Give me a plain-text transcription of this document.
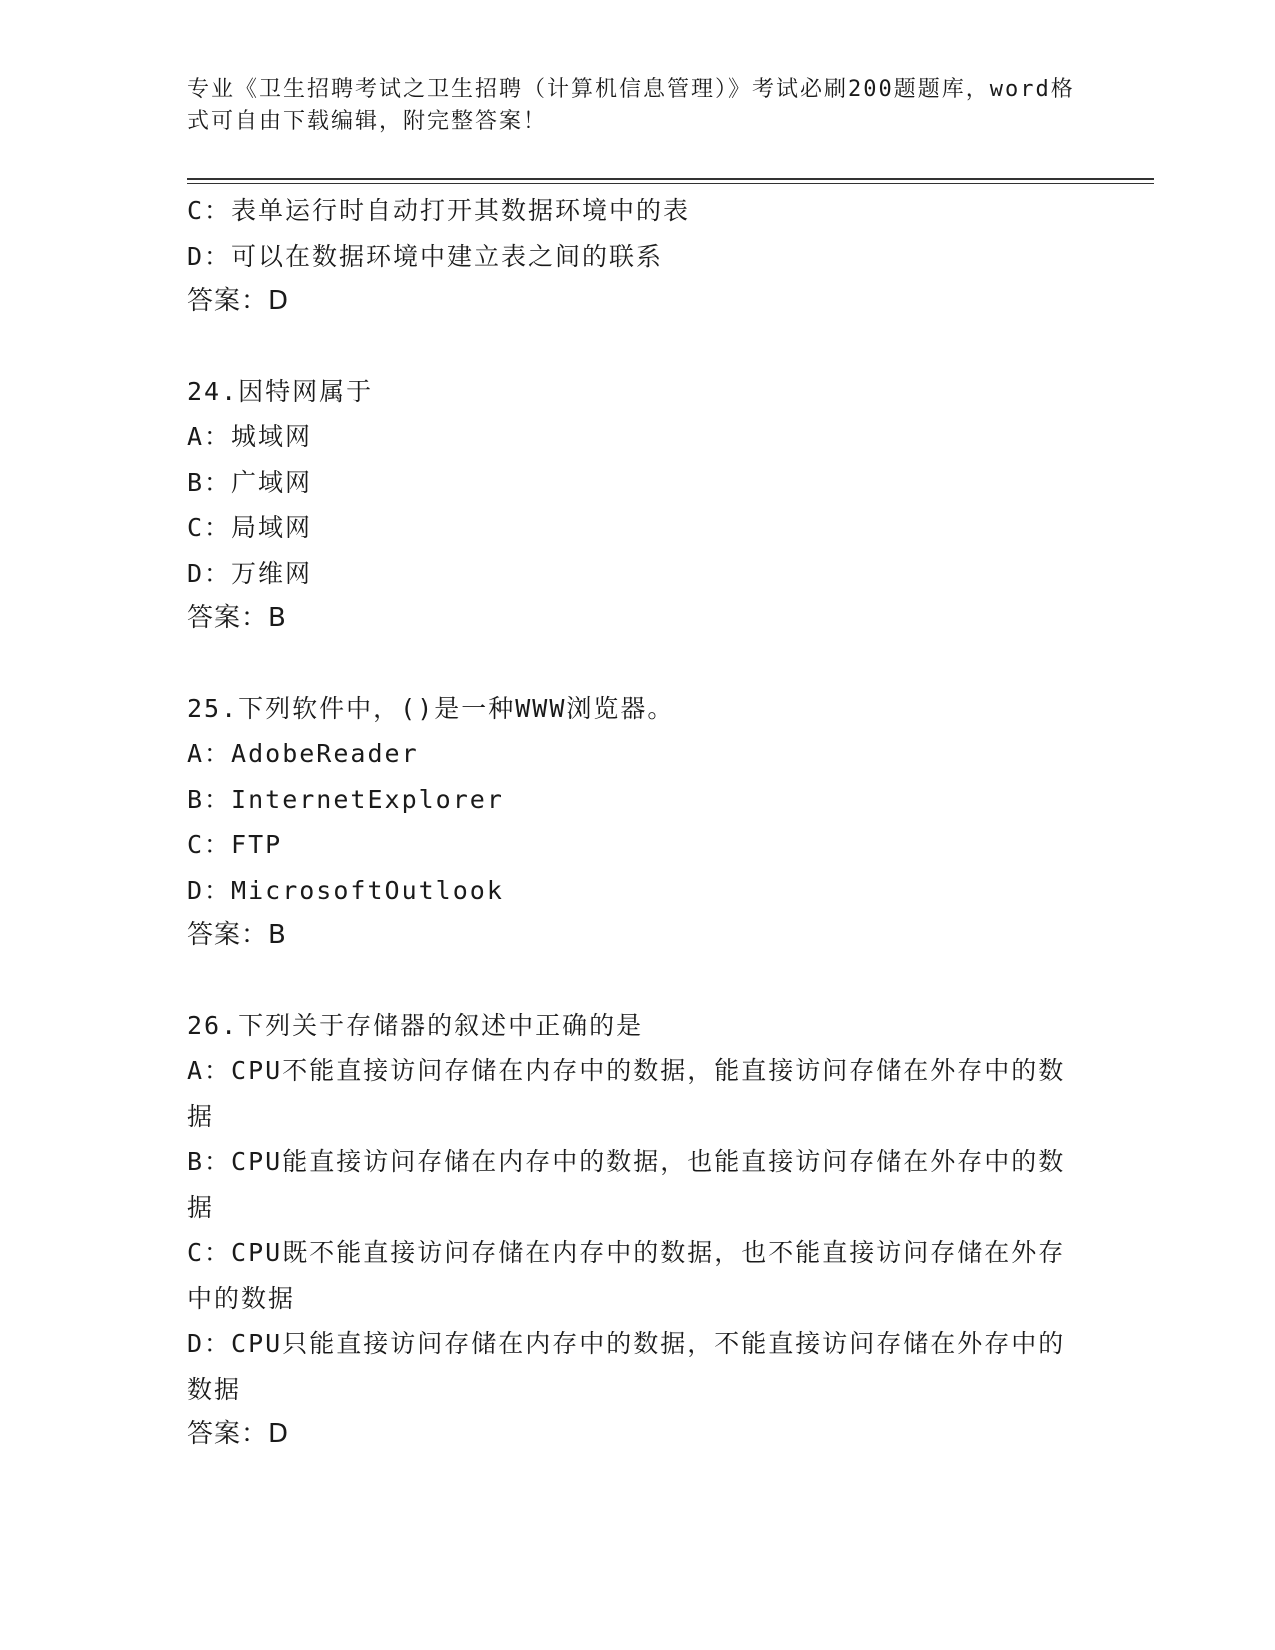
专业《卫生招聘考试之卫生招聘（计算机信息管理）》考试必刷200题题库，word格式可自由下载编辑，附完整答案！
C：表单运行时自动打开其数据环境中的表
D：可以在数据环境中建立表之间的联系
答案：D
24.因特网属于
A：城域网
B：广域网
C：局域网
D：万维网
答案：B
25.下列软件中，()是一种WWW浏览器。
A：AdobeReader
B：InternetExplorer
C：FTP
D：MicrosoftOutlook
答案：B
26.下列关于存储器的叙述中正确的是
A：CPU不能直接访问存储在内存中的数据，能直接访问存储在外存中的数据
B：CPU能直接访问存储在内存中的数据，也能直接访问存储在外存中的数据
C：CPU既不能直接访问存储在内存中的数据，也不能直接访问存储在外存中的数据
D：CPU只能直接访问存储在内存中的数据，不能直接访问存储在外存中的数据
答案：D
